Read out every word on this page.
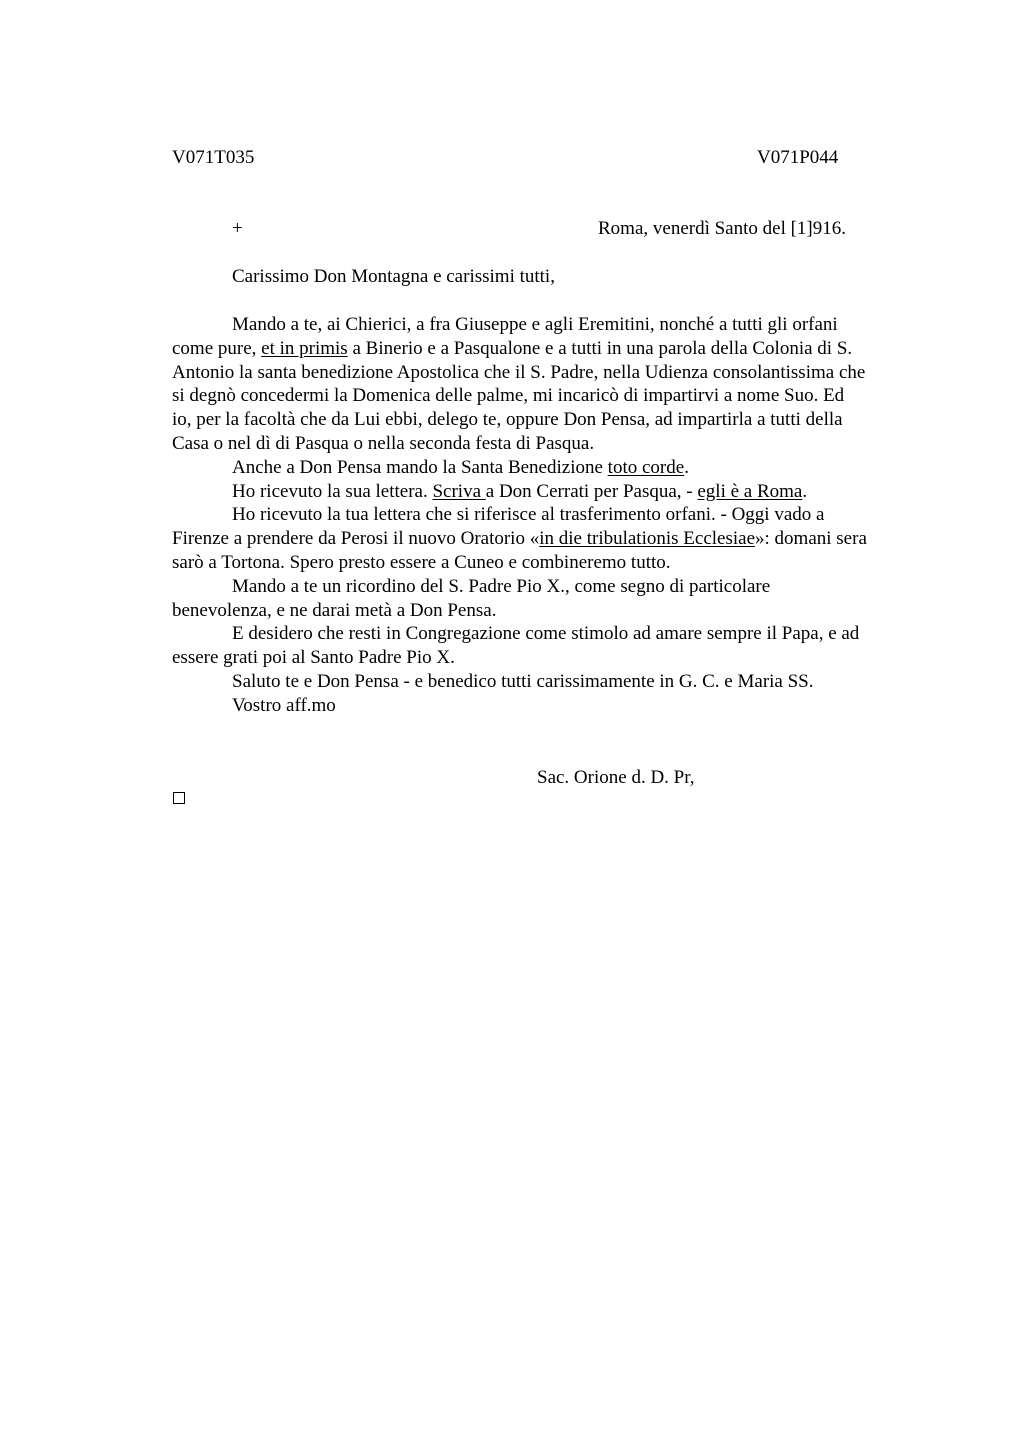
V071T035	V071P044
+	Roma, venerdì Santo del [1]916.
Carissimo Don Montagna e carissimi tutti,
Mando a te, ai Chierici, a fra Giuseppe e agli Eremitini, nonché a tutti gli orfani
come pure, et in primis a Binerio e a Pasqualone e a tutti in una parola della Colonia di S.
Antonio la santa benedizione Apostolica che il S. Padre, nella Udienza consolantissima che
si degnò concedermi la Domenica delle palme, mi incaricò di impartirvi a nome Suo. Ed
io, per la facoltà che da Lui ebbi, delego te, oppure Don Pensa, ad impartirla a tutti della
Casa o nel dì di Pasqua o nella seconda festa di Pasqua.
Anche a Don Pensa mando la Santa Benedizione toto corde.
Ho ricevuto la sua lettera. Scriva a Don Cerrati per Pasqua, - egli è a Roma.
Ho ricevuto la tua lettera che si riferisce al trasferimento orfani. - Oggi vado a
Firenze a prendere da Perosi il nuovo Oratorio «in die tribulationis Ecclesiae»: domani sera
sarò a Tortona. Spero presto essere a Cuneo e combineremo tutto.
Mando a te un ricordino del S. Padre Pio X., come segno di particolare
benevolenza, e ne darai metà a Don Pensa.
E desidero che resti in Congregazione come stimolo ad amare sempre il Papa, e ad
essere grati poi al Santo Padre Pio X.
Saluto te e Don Pensa - e benedico tutti carissimamente in G. C. e Maria SS.
Vostro aff.mo
Sac. Orione d. D. Pr,
